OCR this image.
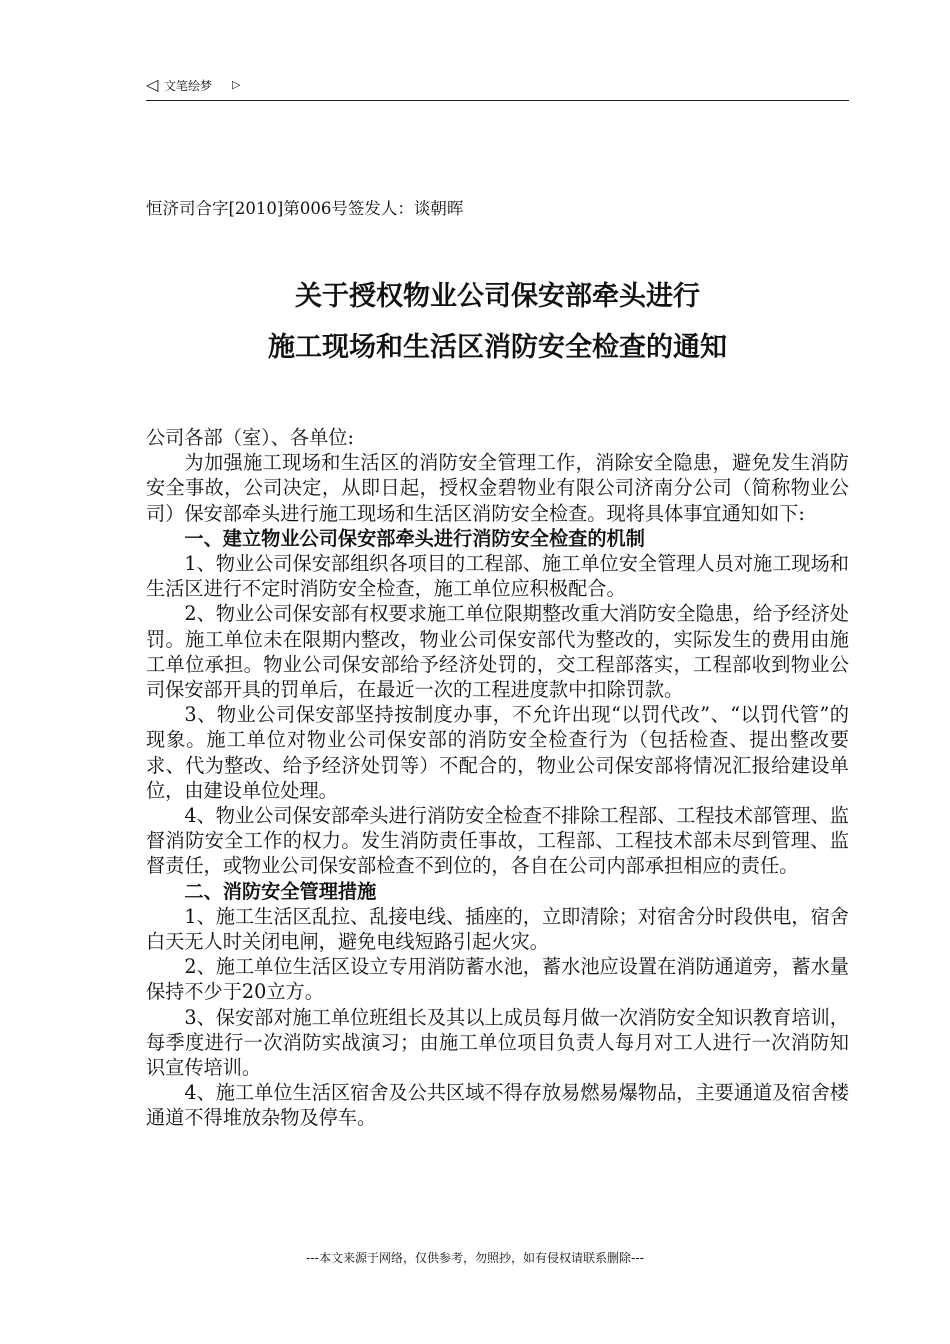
◁ 文笔绘梦 ▷
恒济司合字[2010]第006号签发人：谈朝晖
关于授权物业公司保安部牵头进行
施工现场和生活区消防安全检查的通知

公司各部（室）、各单位:

为加强施工现场和生活区的消防安全管理工作，消除安全隐患，避免发生消防安全事故，公司决定，从即日起，授权金碧物业有限公司济南分公司（简称物业公司）保安部牵头进行施工现场和生活区消防安全检查。现将具体事宜通知如下:

一、建立物业公司保安部牵头进行消防安全检查的机制

1、物业公司保安部组织各项目的工程部、施工单位安全管理人员对施工现场和生活区进行不定时消防安全检查，施工单位应积极配合。

2、物业公司保安部有权要求施工单位限期整改重大消防安全隐患，给予经济处罚。施工单位未在限期内整改，物业公司保安部代为整改的，实际发生的费用由施工单位承担。物业公司保安部给予经济处罚的，交工程部落实，工程部收到物业公司保安部开具的罚单后，在最近一次的工程进度款中扣除罚款。

3、物业公司保安部坚持按制度办事，不允许出现“以罚代改”、“以罚代管”的现象。施工单位对物业公司保安部的消防安全检查行为（包括检查、提出整改要求、代为整改、给予经济处罚等）不配合的，物业公司保安部将情况汇报给建设单位，由建设单位处理。

4、物业公司保安部牵头进行消防安全检查不排除工程部、工程技术部管理、监督消防安全工作的权力。发生消防责任事故，工程部、工程技术部未尽到管理、监督责任，或物业公司保安部检查不到位的，各自在公司内部承担相应的责任。

二、消防安全管理措施

1、施工生活区乱拉、乱接电线、插座的，立即清除；对宿舍分时段供电，宿舍白天无人时关闭电闸，避免电线短路引起火灾。

2、施工单位生活区设立专用消防蓄水池，蓄水池应设置在消防通道旁，蓄水量保持不少于20立方。

3、保安部对施工单位班组长及其以上成员每月做一次消防安全知识教育培训，每季度进行一次消防实战演习；由施工单位项目负责人每月对工人进行一次消防知识宣传培训。

4、施工单位生活区宿舍及公共区域不得存放易燃易爆物品，主要通道及宿舍楼通道不得堆放杂物及停车。

---本文来源于网络，仅供参考，勿照抄，如有侵权请联系删除---
